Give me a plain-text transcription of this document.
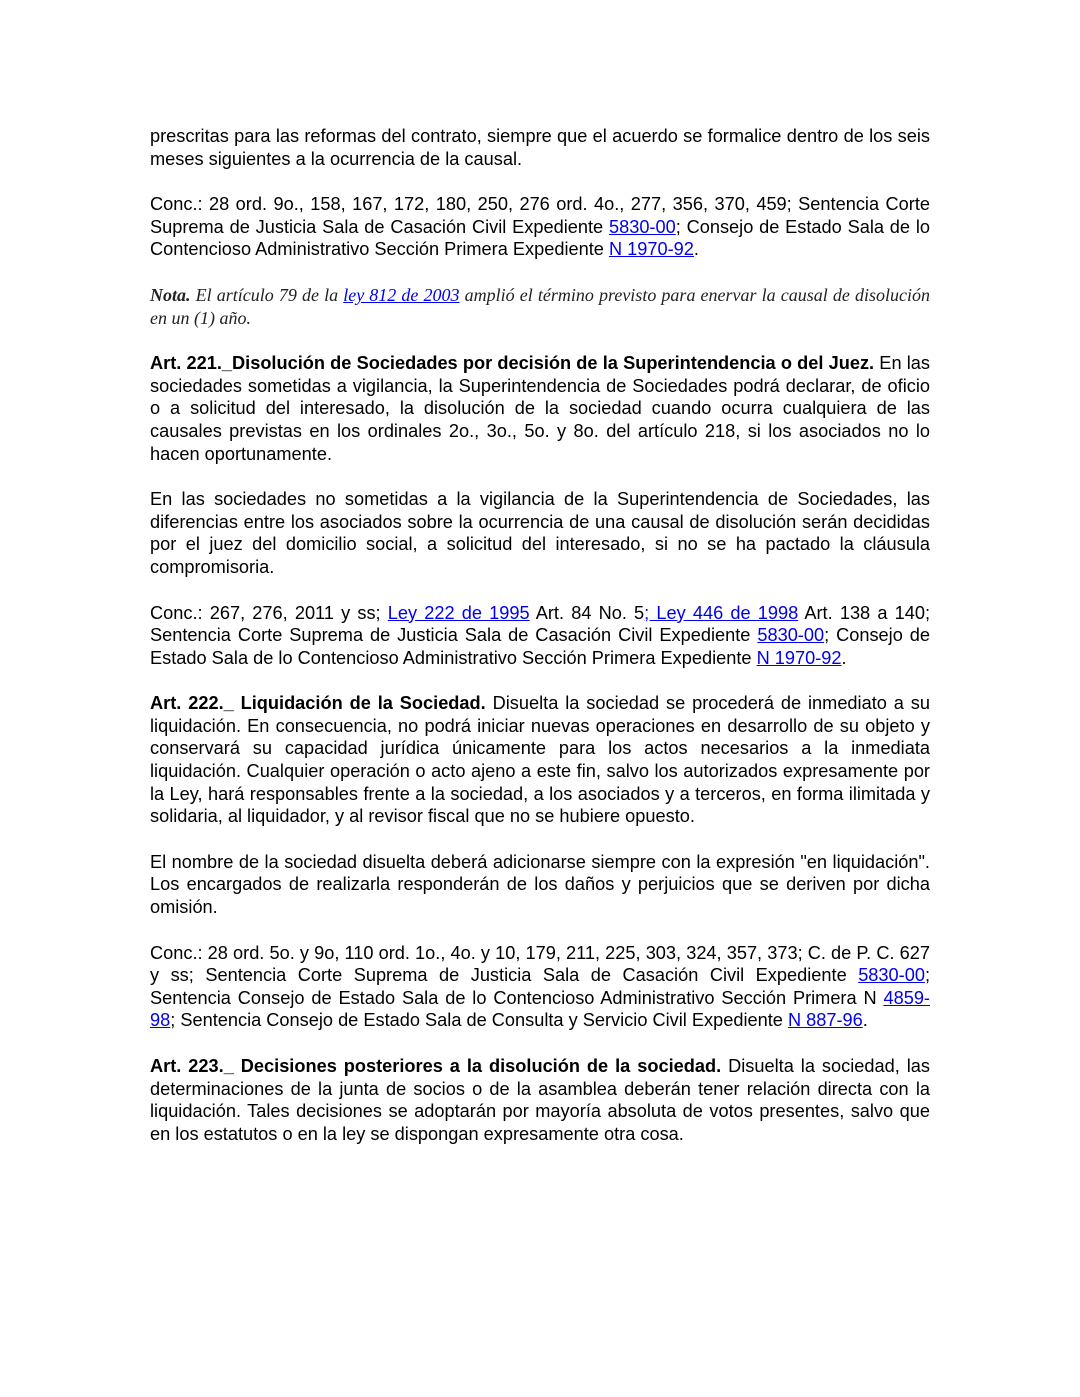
prescritas para las reformas del contrato, siempre que el acuerdo se formalice dentro de los seis meses siguientes a la ocurrencia de la causal.

Conc.: 28 ord. 9o., 158, 167, 172, 180, 250, 276 ord. 4o., 277, 356, 370, 459; Sentencia Corte Suprema de Justicia Sala de Casación Civil Expediente 5830-00; Consejo de Estado Sala de lo Contencioso Administrativo Sección Primera Expediente N 1970-92.

Nota. El artículo 79 de la ley 812 de 2003 amplió el término previsto para enervar la causal de disolución en un (1) año.

Art. 221._Disolución de Sociedades por decisión de la Superintendencia o del Juez. En las sociedades sometidas a vigilancia, la Superintendencia de Sociedades podrá declarar, de oficio o a solicitud del interesado, la disolución de la sociedad cuando ocurra cualquiera de las causales previstas en los ordinales 2o., 3o., 5o. y 8o. del artículo 218, si los asociados no lo hacen oportunamente.

En las sociedades no sometidas a la vigilancia de la Superintendencia de Sociedades, las diferencias entre los asociados sobre la ocurrencia de una causal de disolución serán decididas por el juez del domicilio social, a solicitud del interesado, si no se ha pactado la cláusula compromisoria.

Conc.: 267, 276, 2011 y ss; Ley 222 de 1995 Art. 84 No. 5; Ley 446 de 1998 Art. 138 a 140; Sentencia Corte Suprema de Justicia Sala de Casación Civil Expediente 5830-00; Consejo de Estado Sala de lo Contencioso Administrativo Sección Primera Expediente N 1970-92.

Art. 222._ Liquidación de la Sociedad. Disuelta la sociedad se procederá de inmediato a su liquidación. En consecuencia, no podrá iniciar nuevas operaciones en desarrollo de su objeto y conservará su capacidad jurídica únicamente para los actos necesarios a la inmediata liquidación. Cualquier operación o acto ajeno a este fin, salvo los autorizados expresamente por la Ley, hará responsables frente a la sociedad, a los asociados y a terceros, en forma ilimitada y solidaria, al liquidador, y al revisor fiscal que no se hubiere opuesto.

El nombre de la sociedad disuelta deberá adicionarse siempre con la expresión "en liquidación". Los encargados de realizarla responderán de los daños y perjuicios que se deriven por dicha omisión.

Conc.: 28 ord. 5o. y 9o, 110 ord. 1o., 4o. y 10, 179, 211, 225, 303, 324, 357, 373; C. de P. C. 627 y ss; Sentencia Corte Suprema de Justicia Sala de Casación Civil Expediente 5830-00; Sentencia Consejo de Estado Sala de lo Contencioso Administrativo Sección Primera N 4859-98; Sentencia Consejo de Estado Sala de Consulta y Servicio Civil Expediente N 887-96.

Art. 223._ Decisiones posteriores a la disolución de la sociedad. Disuelta la sociedad, las determinaciones de la junta de socios o de la asamblea deberán tener relación directa con la liquidación. Tales decisiones se adoptarán por mayoría absoluta de votos presentes, salvo que en los estatutos o en la ley se dispongan expresamente otra cosa.
